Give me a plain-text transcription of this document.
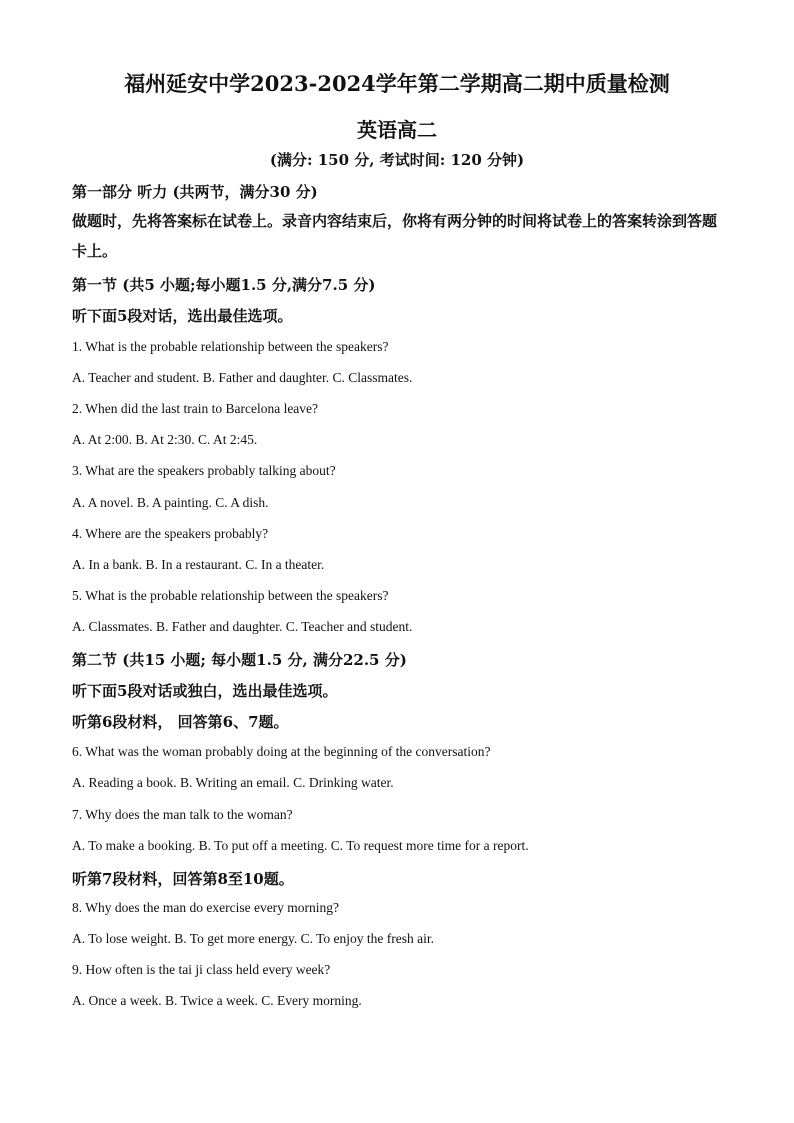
福州延安中学2023-2024学年第二学期高二期中质量检测
英语高二
(满分: 150 分, 考试时间: 120 分钟)
第一部分 听力 (共两节，满分30 分)
做题时，先将答案标在试卷上。录音内容结束后，你将有两分钟的时间将试卷上的答案转涂到答题卡上。
第一节 (共5 小题;每小题1.5 分,满分7.5 分)
听下面5段对话，选出最佳选项。
1. What is the probable relationship between the speakers?
A. Teacher and student. B. Father and daughter. C. Classmates.
2. When did the last train to Barcelona leave?
A. At 2:00. B. At 2:30. C. At 2:45.
3. What are the speakers probably talking about?
A. A novel. B. A painting. C. A dish.
4. Where are the speakers probably?
A. In a bank. B. In a restaurant. C. In a theater.
5. What is the probable relationship between the speakers?
A. Classmates. B. Father and daughter. C. Teacher and student.
第二节 (共15 小题; 每小题1.5 分, 满分22.5 分)
听下面5段对话或独白，选出最佳选项。
听第6段材料， 回答第6、7题。
6. What was the woman probably doing at the beginning of the conversation?
A. Reading a book. B. Writing an email. C. Drinking water.
7. Why does the man talk to the woman?
A. To make a booking. B. To put off a meeting. C. To request more time for a report.
听第7段材料，回答第8至10题。
8. Why does the man do exercise every morning?
A. To lose weight. B. To get more energy. C. To enjoy the fresh air.
9. How often is the tai ji class held every week?
A. Once a week. B. Twice a week. C. Every morning.
